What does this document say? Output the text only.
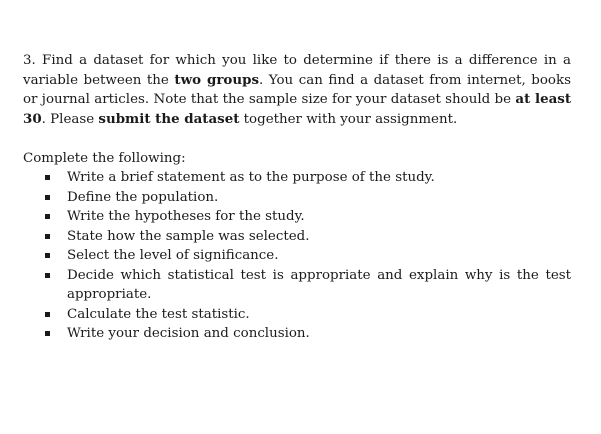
3. Find a dataset for which you like to determine if there is a difference in a variable between the two groups. You can find a dataset from internet, books or journal articles. Note that the sample size for your dataset should be at least 30. Please submit the dataset together with your assignment.

Complete the following:

Write a brief statement as to the purpose of the study.
Define the population.
Write the hypotheses for the study.
State how the sample was selected.
Select the level of significance.
Decide which statistical test is appropriate and explain why is the test appropriate.
Calculate the test statistic.
Write your decision and conclusion.
